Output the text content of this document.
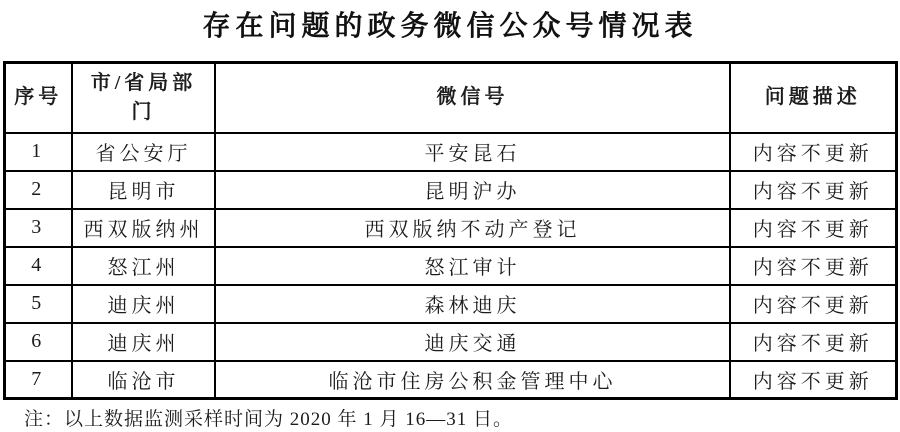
存在问题的政务微信公众号情况表
序号	市/省局部门	微信号	问题描述
1	省公安厅	平安昆石	内容不更新
2	昆明市	昆明沪办	内容不更新
3	西双版纳州	西双版纳不动产登记	内容不更新
4	怒江州	怒江审计	内容不更新
5	迪庆州	森林迪庆	内容不更新
6	迪庆州	迪庆交通	内容不更新
7	临沧市	临沧市住房公积金管理中心	内容不更新
注：以上数据监测采样时间为 2020 年 1 月 16—31 日。
